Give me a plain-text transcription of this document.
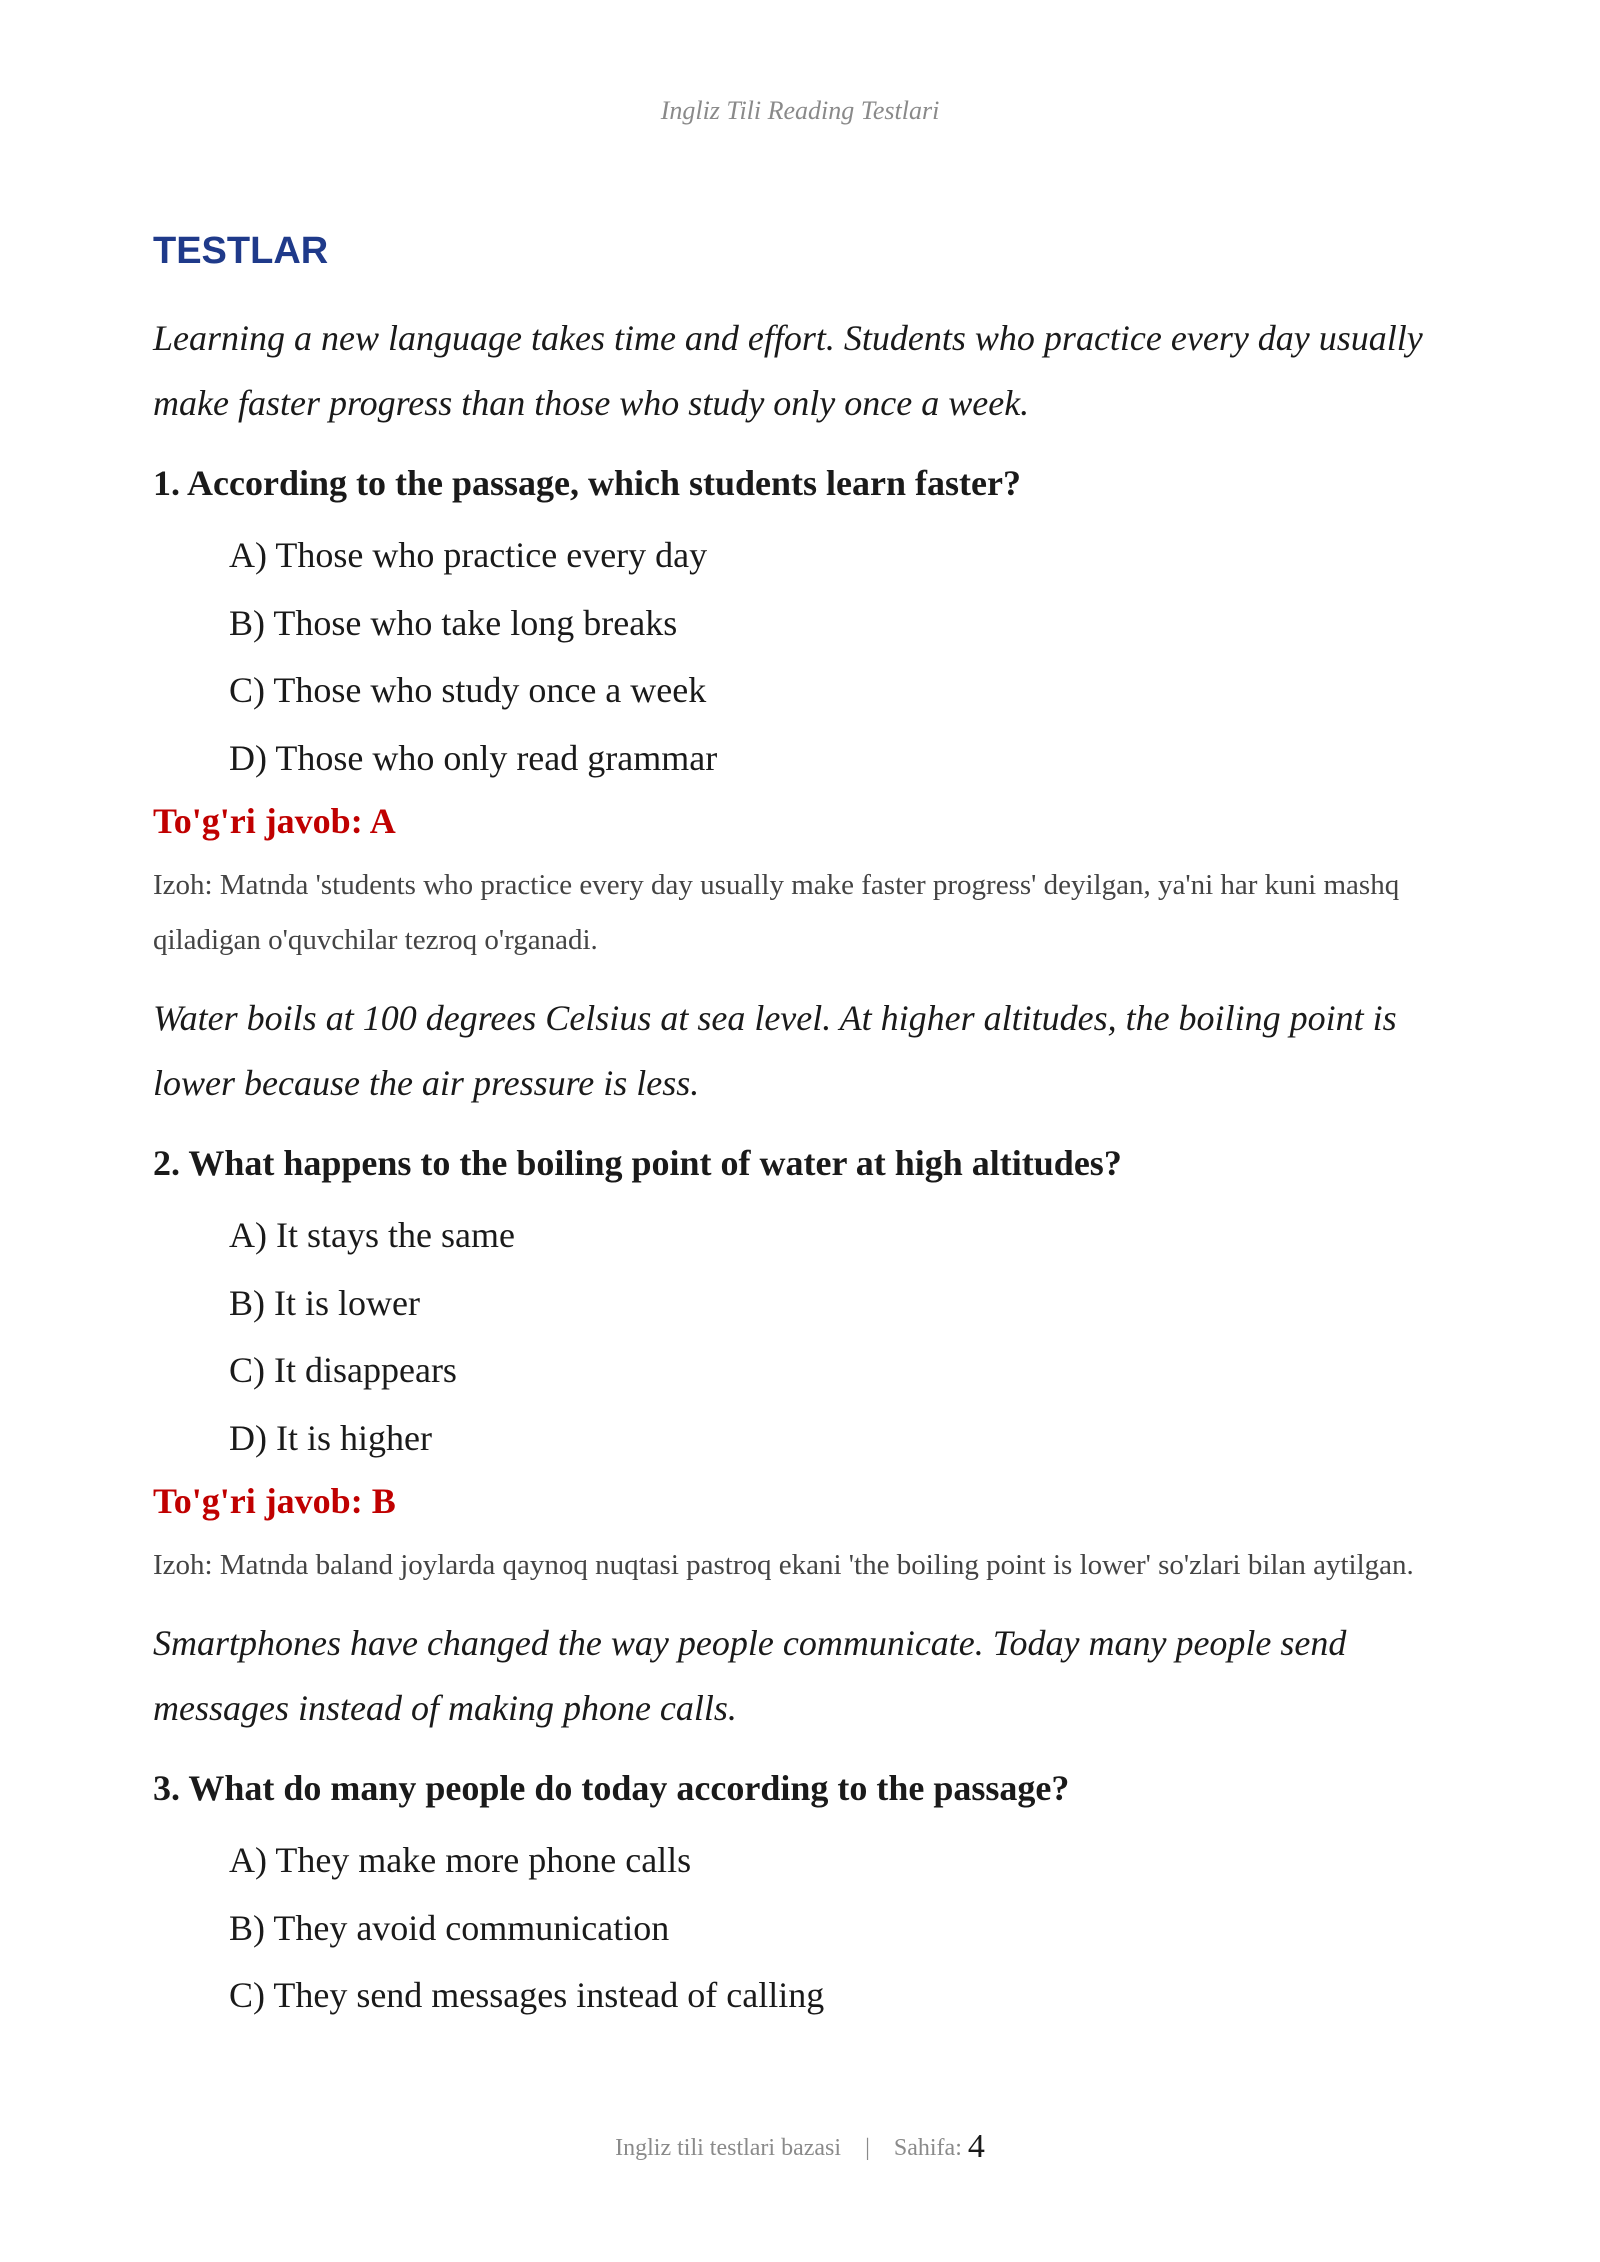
Ingliz Tili Reading Testlari
TESTLAR

Learning a new language takes time and effort. Students who practice every day usually make faster progress than those who study only once a week.

1. According to the passage, which students learn faster?

A) Those who practice every day
B) Those who take long breaks
C) Those who study once a week
D) Those who only read grammar

To'g'ri javob: A

Izoh: Matnda 'students who practice every day usually make faster progress' deyilgan, ya'ni har kuni mashq qiladigan o'quvchilar tezroq o'rganadi.

Water boils at 100 degrees Celsius at sea level. At higher altitudes, the boiling point is lower because the air pressure is less.

2. What happens to the boiling point of water at high altitudes?

A) It stays the same
B) It is lower
C) It disappears
D) It is higher

To'g'ri javob: B

Izoh: Matnda baland joylarda qaynoq nuqtasi pastroq ekani 'the boiling point is lower' so'zlari bilan aytilgan.

Smartphones have changed the way people communicate. Today many people send messages instead of making phone calls.

3. What do many people do today according to the passage?

A) They make more phone calls
B) They avoid communication
C) They send messages instead of calling
Ingliz tili testlari bazasi | Sahifa: 4
